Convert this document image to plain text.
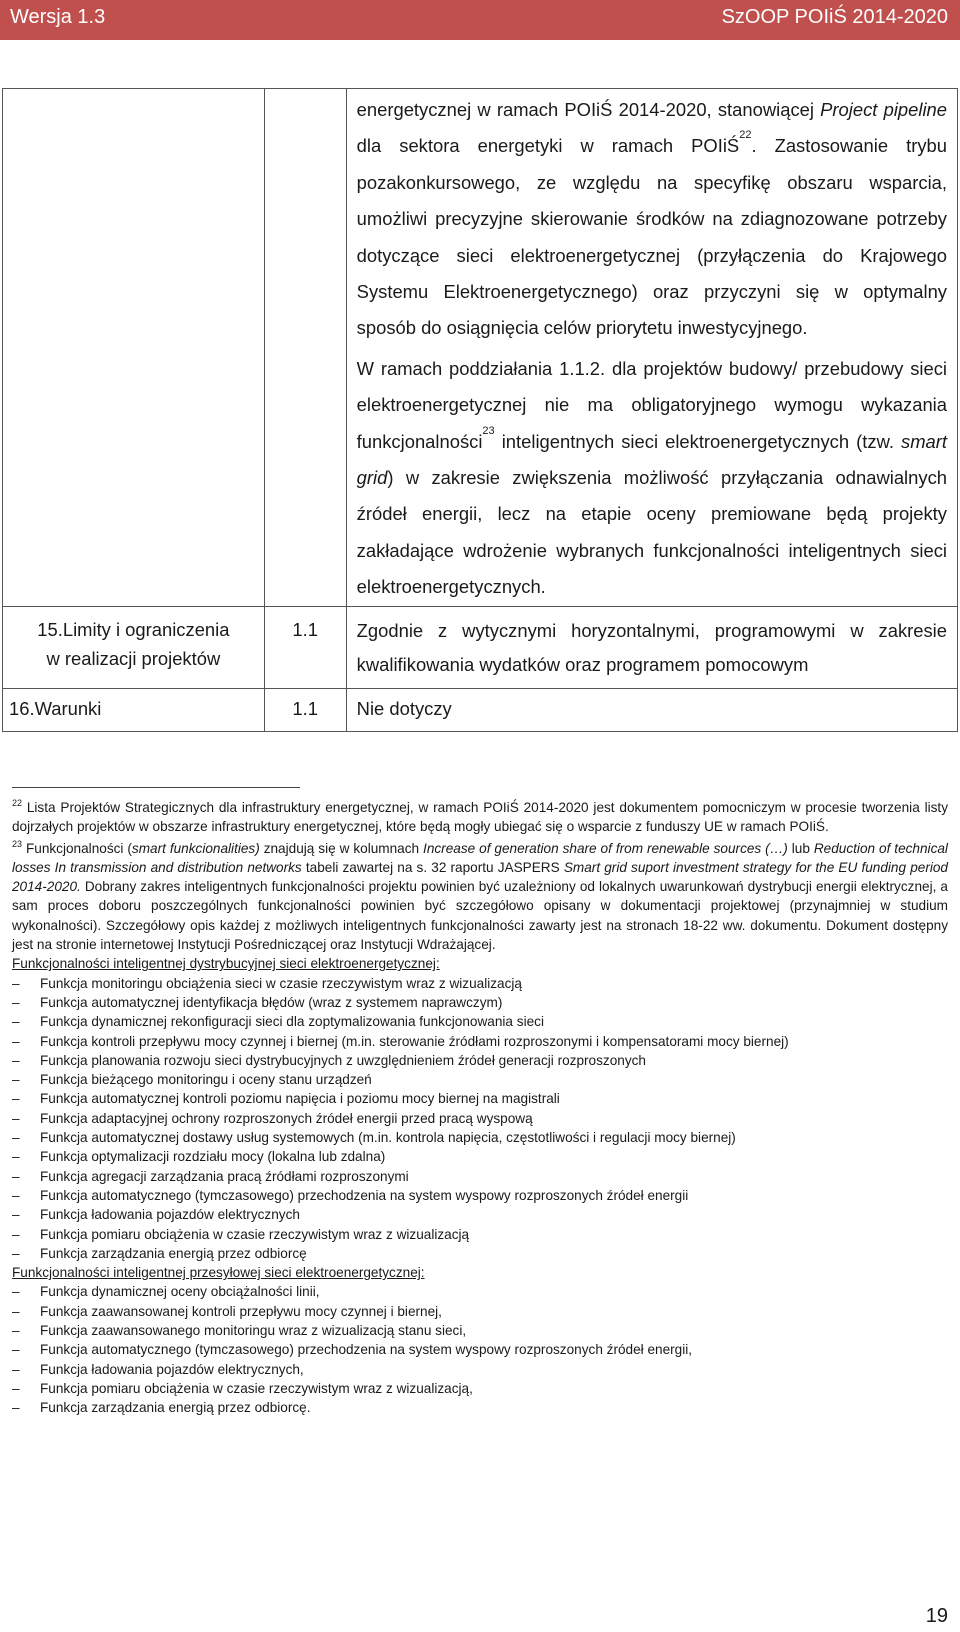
Wersja 1.3	SzOOP POIiŚ 2014-2020

		energetycznej w ramach POIiŚ 2014-2020, stanowiącej Project pipeline dla sektora energetyki w ramach POIiŚ$^{22}$. Zastosowanie trybu pozakonkursowego, ze względu na specyfikę obszaru wsparcia, umożliwi precyzyjne skierowanie środków na zdiagnozowane potrzeby dotyczące sieci elektroenergetycznej (przyłączenia do Krajowego Systemu Elektroenergetycznego) oraz przyczyni się w optymalny sposób do osiągnięcia celów priorytetu inwestycyjnego.

W ramach poddziałania 1.1.2. dla projektów budowy/ przebudowy sieci elektroenergetycznej nie ma obligatoryjnego wymogu wykazania funkcjonalności$^{23}$ inteligentnych sieci elektroenergetycznych (tzw. smart grid) w zakresie zwiększenia możliwość przyłączania odnawialnych źródeł energii, lecz na etapie oceny premiowane będą projekty zakładające wdrożenie wybranych funkcjonalności inteligentnych sieci elektroenergetycznych.

15.Limity i ograniczenia
w realizacji projektów	1.1	Zgodnie z wytycznymi horyzontalnymi, programowymi w zakresie kwalifikowania wydatków oraz programem pomocowym

16.Warunki	1.1	Nie dotyczy

$^{22}$ Lista Projektów Strategicznych dla infrastruktury energetycznej, w ramach POIiŚ 2014-2020 jest dokumentem pomocniczym w procesie tworzenia listy dojrzałych projektów w obszarze infrastruktury energetycznej, które będą mogły ubiegać się o wsparcie z funduszy UE w ramach POIiŚ.

$^{23}$ Funkcjonalności (smart funkcionalities) znajdują się w kolumnach Increase of generation share of from renewable sources (…) lub Reduction of technical losses In transmission and distribution networks tabeli zawartej na s. 32 raportu JASPERS Smart grid suport investment strategy for the EU funding period 2014-2020. Dobrany zakres inteligentnych funkcjonalności projektu powinien być uzależniony od lokalnych uwarunkowań dystrybucji energii elektrycznej, a sam proces doboru poszczególnych funkcjonalności powinien być szczegółowo opisany w dokumentacji projektowej (przynajmniej w studium wykonalności). Szczegółowy opis każdej z możliwych inteligentnych funkcjonalności zawarty jest na stronach 18-22 ww. dokumentu. Dokument dostępny jest na stronie internetowej Instytucji Pośredniczącej oraz Instytucji Wdrażającej.

Funkcjonalności inteligentnej dystrybucyjnej sieci elektroenergetycznej:
– Funkcja monitoringu obciążenia sieci w czasie rzeczywistym wraz z wizualizacją
– Funkcja automatycznej identyfikacja błędów (wraz z systemem naprawczym)
– Funkcja dynamicznej rekonfiguracji sieci dla zoptymalizowania funkcjonowania sieci
– Funkcja kontroli przepływu mocy czynnej i biernej (m.in. sterowanie źródłami rozproszonymi i kompensatorami mocy biernej)
– Funkcja planowania rozwoju sieci dystrybucyjnych z uwzględnieniem źródeł generacji rozproszonych
– Funkcja bieżącego monitoringu i oceny stanu urządzeń
– Funkcja automatycznej kontroli poziomu napięcia i poziomu mocy biernej na magistrali
– Funkcja adaptacyjnej ochrony rozproszonych źródeł energii przed pracą wyspową
– Funkcja automatycznej dostawy usług systemowych (m.in. kontrola napięcia, częstotliwości i regulacji mocy biernej)
– Funkcja optymalizacji rozdziału mocy (lokalna lub zdalna)
– Funkcja agregacji zarządzania pracą źródłami rozproszonymi
– Funkcja automatycznego (tymczasowego) przechodzenia na system wyspowy rozproszonych źródeł energii
– Funkcja ładowania pojazdów elektrycznych
– Funkcja pomiaru obciążenia w czasie rzeczywistym wraz z wizualizacją
– Funkcja zarządzania energią przez odbiorcę
Funkcjonalności inteligentnej przesyłowej sieci elektroenergetycznej:
– Funkcja dynamicznej oceny obciążalności linii,
– Funkcja zaawansowanej kontroli przepływu mocy czynnej i biernej,
– Funkcja zaawansowanego monitoringu wraz z wizualizacją stanu sieci,
– Funkcja automatycznego (tymczasowego) przechodzenia na system wyspowy rozproszonych źródeł energii,
– Funkcja ładowania pojazdów elektrycznych,
– Funkcja pomiaru obciążenia w czasie rzeczywistym wraz z wizualizacją,
– Funkcja zarządzania energią przez odbiorcę.
19
